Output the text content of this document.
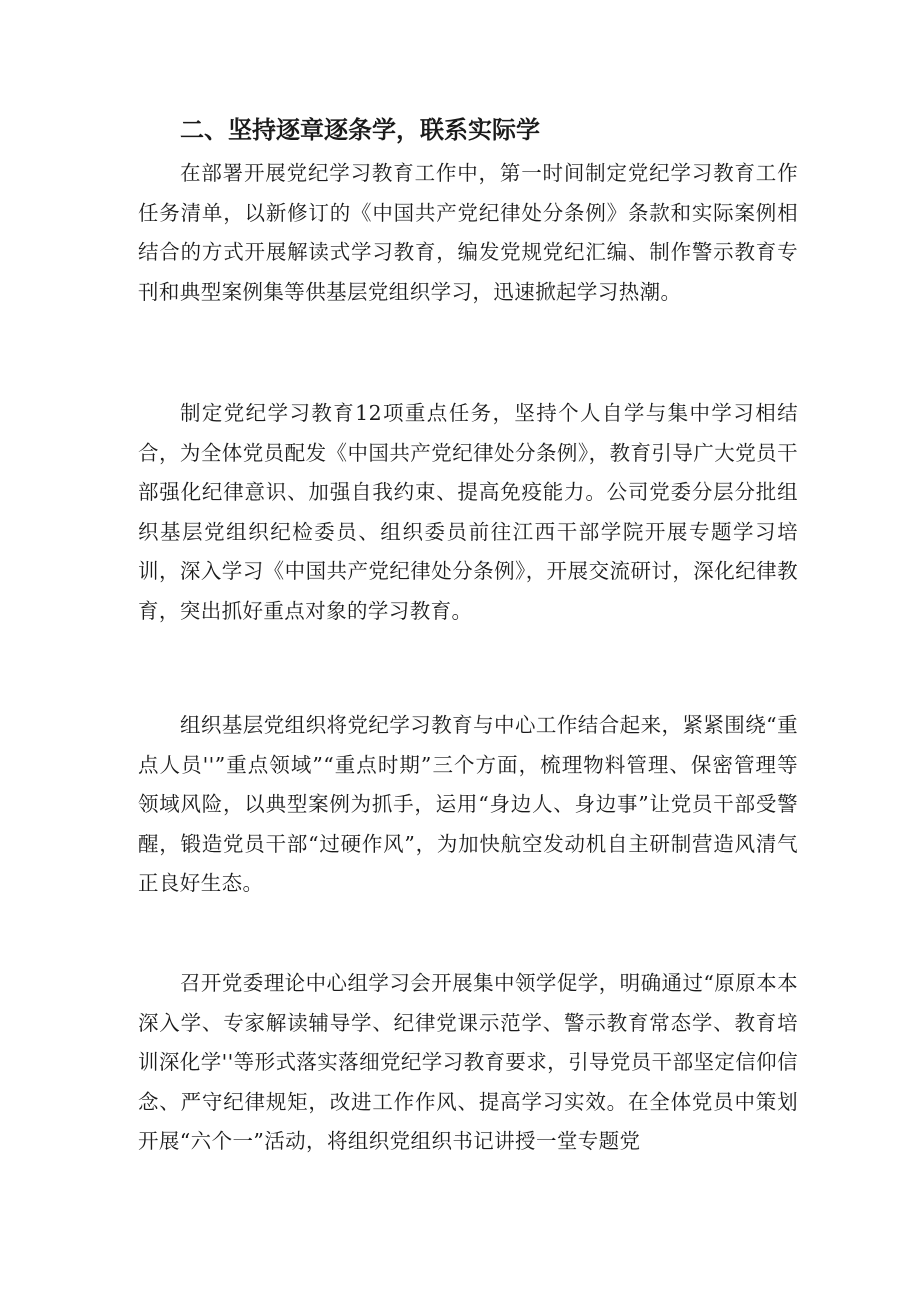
二、坚持逐章逐条学，联系实际学

在部署开展党纪学习教育工作中，第一时间制定党纪学习教育工作任务清单，以新修订的《中国共产党纪律处分条例》条款和实际案例相结合的方式开展解读式学习教育，编发党规党纪汇编、制作警示教育专刊和典型案例集等供基层党组织学习，迅速掀起学习热潮。

制定党纪学习教育12项重点任务，坚持个人自学与集中学习相结合，为全体党员配发《中国共产党纪律处分条例》，教育引导广大党员干部强化纪律意识、加强自我约束、提高免疫能力。公司党委分层分批组织基层党组织纪检委员、组织委员前往江西干部学院开展专题学习培训，深入学习《中国共产党纪律处分条例》，开展交流研讨，深化纪律教育，突出抓好重点对象的学习教育。

组织基层党组织将党纪学习教育与中心工作结合起来，紧紧围绕“重点人员''”重点领域”“重点时期”三个方面，梳理物料管理、保密管理等领域风险，以典型案例为抓手，运用“身边人、身边事”让党员干部受警醒，锻造党员干部“过硬作风”，为加快航空发动机自主研制营造风清气正良好生态。

召开党委理论中心组学习会开展集中领学促学，明确通过“原原本本深入学、专家解读辅导学、纪律党课示范学、警示教育常态学、教育培训深化学''等形式落实落细党纪学习教育要求，引导党员干部坚定信仰信念、严守纪律规矩，改进工作作风、提高学习实效。在全体党员中策划开展“六个一”活动，将组织党组织书记讲授一堂专题党
